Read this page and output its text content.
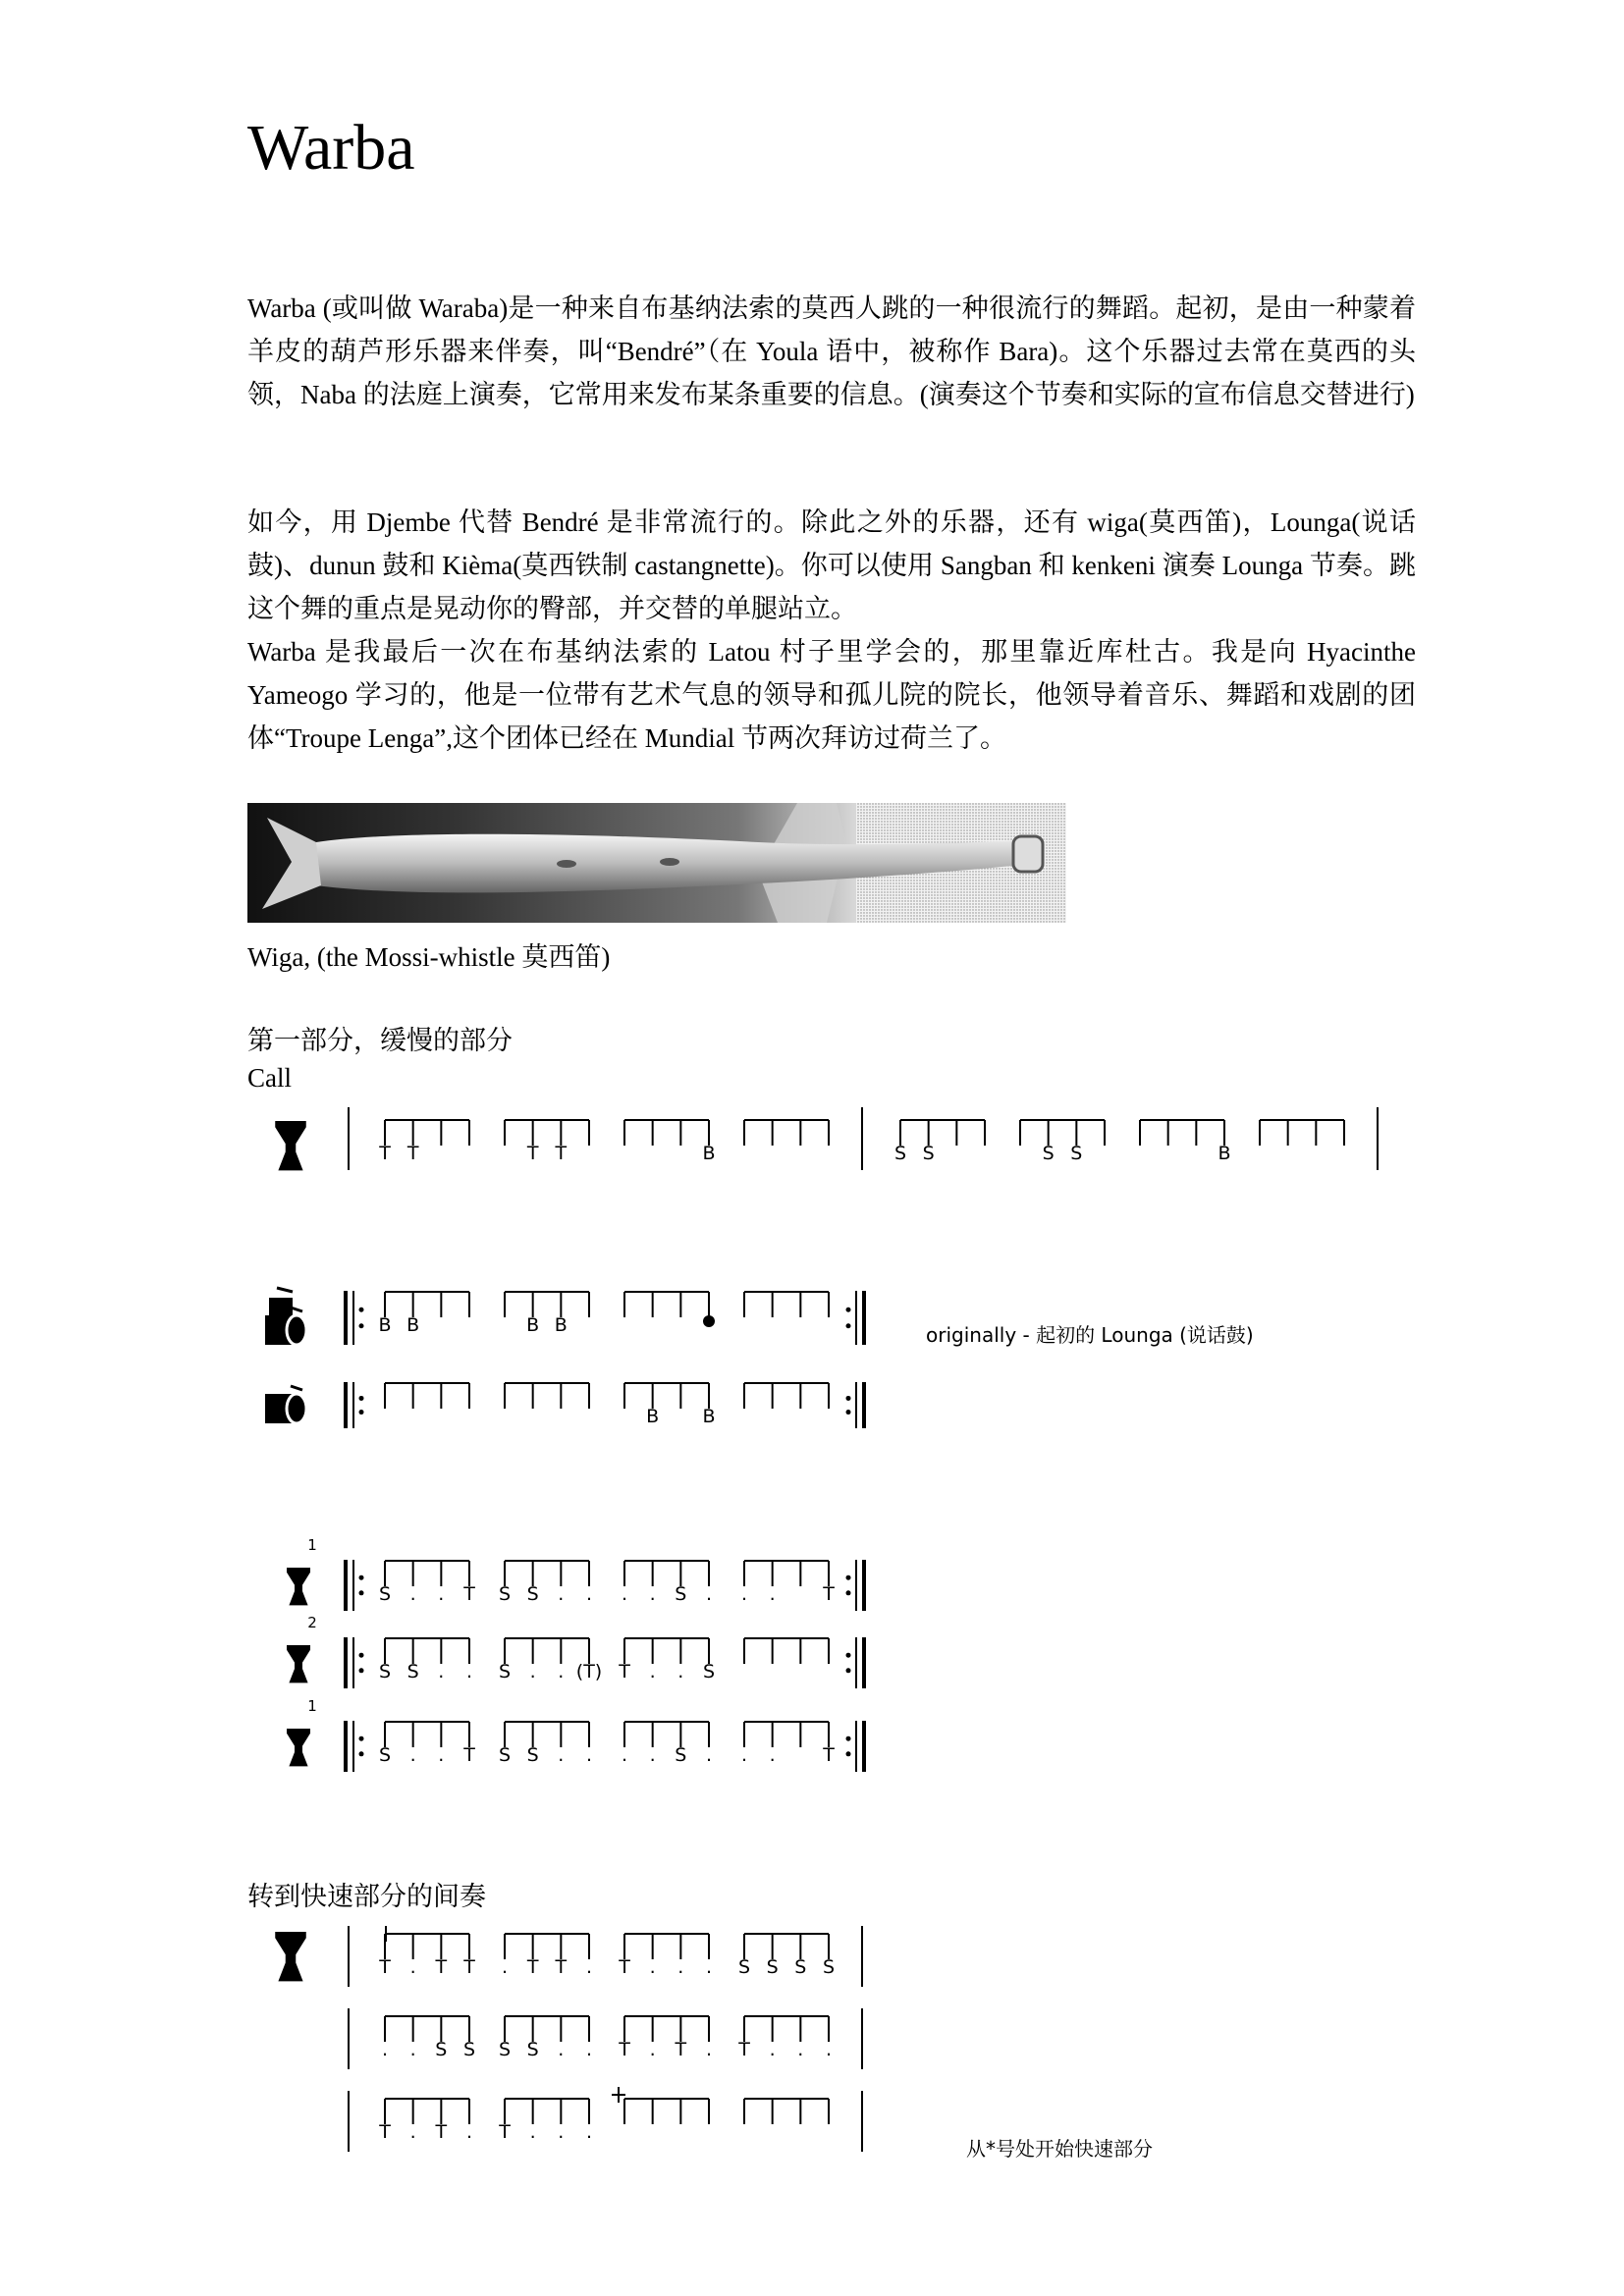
Warba

Warba (或叫做 Waraba)是一种来自布基纳法索的莫西人跳的一种很流行的舞蹈。起初，是由一种蒙着羊皮的葫芦形乐器来伴奏，叫“Bendré”（在 Youla 语中，被称作 Bara)。这个乐器过去常在莫西的头领，Naba 的法庭上演奏，它常用来发布某条重要的信息。(演奏这个节奏和实际的宣布信息交替进行)

如今，用 Djembe 代替 Bendré 是非常流行的。除此之外的乐器，还有 wiga(莫西笛)，Lounga(说话鼓)、dunun 鼓和 Kièma(莫西铁制 castangnette)。你可以使用 Sangban 和 kenkeni 演奏 Lounga 节奏。跳这个舞的重点是晃动你的臀部，并交替的单腿站立。

Warba 是我最后一次在布基纳法索的 Latou 村子里学会的，那里靠近库杜古。我是向 Hyacinthe Yameogo 学习的，他是一位带有艺术气息的领导和孤儿院的院长，他领导着音乐、舞蹈和戏剧的团体“Troupe Lenga”,这个团体已经在 Mundial 节两次拜访过荷兰了。

Wiga, (the Mossi-whistle 莫西笛)
第一部分，缓慢的部分
Call
originally - 起初的 Lounga (说话鼓)
转到快速部分的间奏
从*号处开始快速部分
T T	T T	B	S S	S S	B
B B	B B
B B
1
S . . T S S . . . . S . . .	T
2
S S . . S . . (T) T . . S
1
S . . T S S . . . . S . . .	T
T . T T . T T . T . . . S S S S
. . S S S S . . T . T . T . . .
T . T . T . . .
